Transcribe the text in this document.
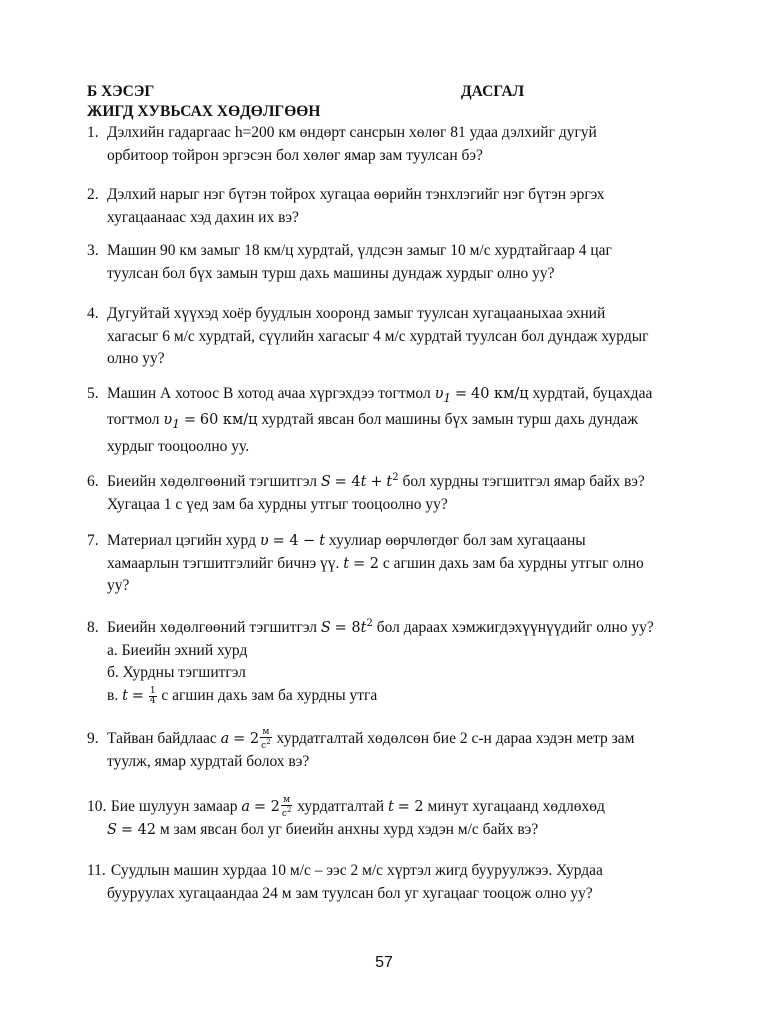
Б ХЭСЭГ	ДАСГАЛ
ЖИГД ХУВЬСАХ ХӨДӨЛГӨӨН
1. Дэлхийн гадаргаас h=200 км өндөрт сансрын хөлөг 81 удаа дэлхийг дугуй
орбитоор тойрон эргэсэн бол хөлөг ямар зам туулсан бэ?
2. Дэлхий нарыг нэг бүтэн тойрох хугацаа өөрийн тэнхлэгийг нэг бүтэн эргэх
хугацаанаас хэд дахин их вэ?
3. Машин 90 км замыг 18 км/ц хурдтай, үлдсэн замыг 10 м/с хурдтайгаар 4 цаг
туулсан бол бүх замын турш дахь машины дундаж хурдыг олно уу?
4. Дугуйтай хүүхэд хоёр буудлын хооронд замыг туулсан хугацааныхаа эхний
хагасыг 6 м/с хурдтай, сүүлийн хагасыг 4 м/с хурдтай туулсан бол дундаж хурдыг
олно уу?
5. Машин А хотоос В хотод ачаа хүргэхдээ тогтмол $\upsilon_1 = 40$ км/ц хурдтай, буцахдаа
тогтмол $\upsilon_1 = 60$ км/ц хурдтай явсан бол машины бүх замын турш дахь дундаж
хурдыг тооцоолно уу.
6. Биеийн хөдөлгөөний тэгшитгэл $S = 4t + t^2$ бол хурдны тэгшитгэл ямар байх вэ?
Хугацаа 1 с үед зам ба хурдны утгыг тооцоолно уу?
7. Материал цэгийн хурд υ = 4 − t хуулиар өөрчлөгдөг бол зам хугацааны
хамаарлын тэгшитгэлийг бичнэ үү. t = 2 с агшин дахь зам ба хурдны утгыг олно
уу?
8. Биеийн хөдөлгөөний тэгшитгэл $S = 8t^2$ бол дараах хэмжигдэхүүнүүдийг олно уу?
а. Биеийн эхний хурд
б. Хурдны тэгшитгэл
в. $t = \frac{1}{4}$ с агшин дахь зам ба хурдны утга
9. Тайван байдлаас $a = 2 \frac{м}{с^2}$ хурдатгалтай хөдөлсөн бие 2 с-н дараа хэдэн метр зам
туулж, ямар хурдтай болох вэ?
10. Бие шулуун замаар $a = 2 \frac{м}{с^2}$ хурдатгалтай t = 2 минут хугацаанд хөдлөхөд
S = 42 м зам явсан бол уг биеийн анхны хурд хэдэн м/с байх вэ?
11. Суудлын машин хурдаа 10 м/с – ээс 2 м/с хүртэл жигд бууруулжээ. Хурдаа
бууруулах хугацаандаа 24 м зам туулсан бол уг хугацааг тооцож олно уу?
57
